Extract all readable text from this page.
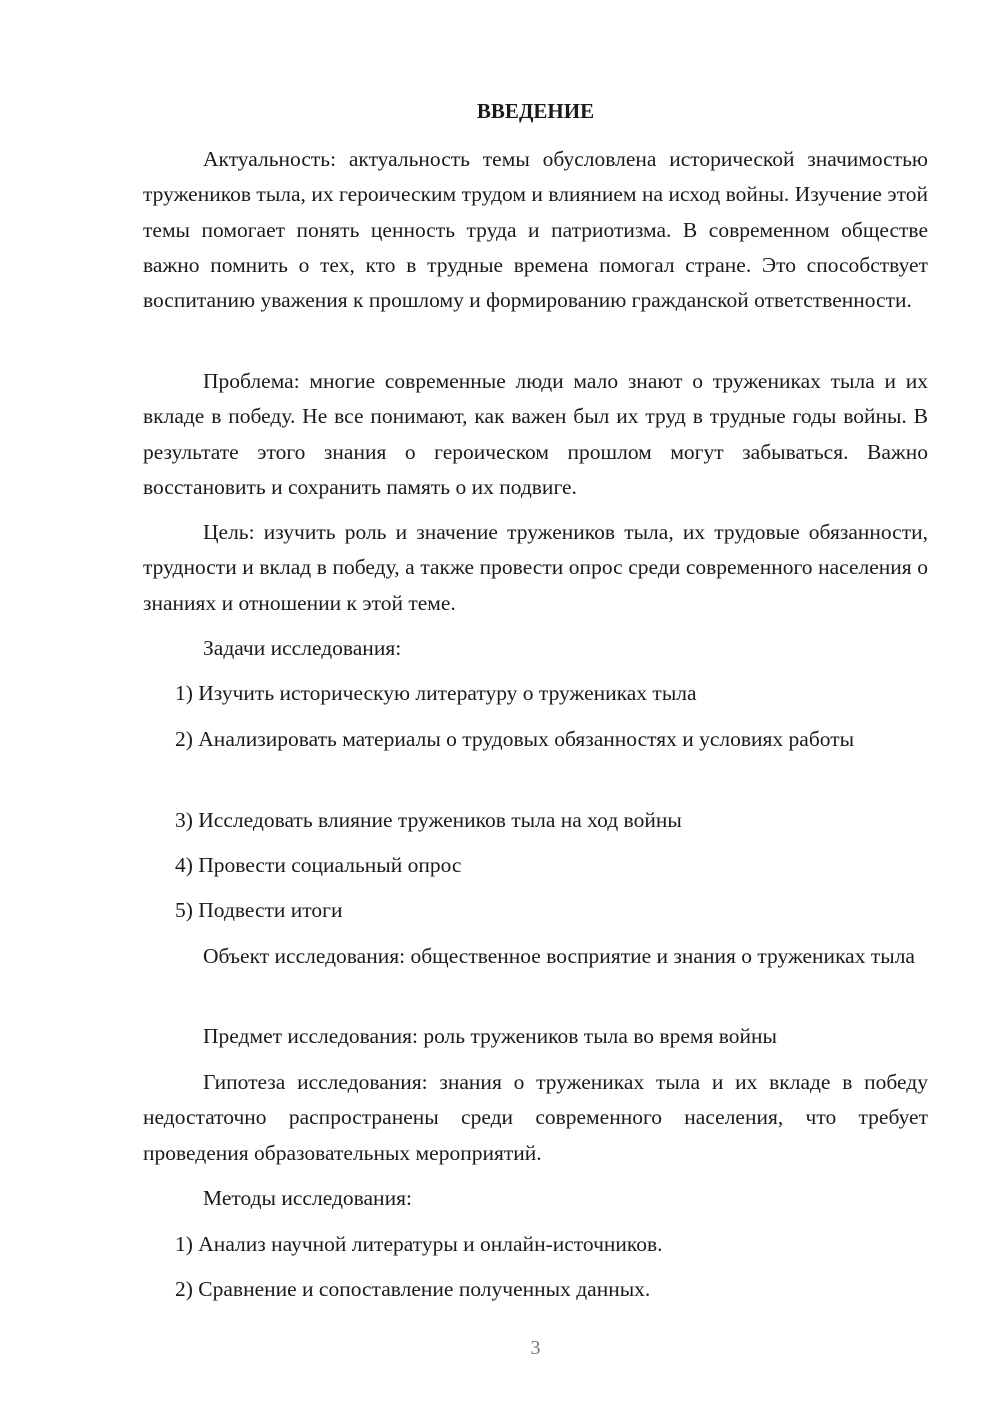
ВВЕДЕНИЕ

Актуальность: актуальность темы обусловлена исторической значимостью тружеников тыла, их героическим трудом и влиянием на исход войны. Изучение этой темы помогает понять ценность труда и патриотизма. В современном обществе важно помнить о тех, кто в трудные времена помогал стране. Это способствует воспитанию уважения к прошлому и формированию гражданской ответственности.

Проблема: многие современные люди мало знают о тружениках тыла и их вкладе в победу. Не все понимают, как важен был их труд в трудные годы войны. В результате этого знания о героическом прошлом могут забываться. Важно восстановить и сохранить память о их подвиге.

Цель: изучить роль и значение тружеников тыла, их трудовые обязанности, трудности и вклад в победу, а также провести опрос среди современного населения о знаниях и отношении к этой теме.

Задачи исследования:

1) Изучить историческую литературу о тружениках тыла

2) Анализировать материалы о трудовых обязанностях и условиях работы

3) Исследовать влияние тружеников тыла на ход войны

4) Провести социальный опрос

5) Подвести итоги

Объект исследования: общественное восприятие и знания о тружениках тыла

Предмет исследования: роль тружеников тыла во время войны

Гипотеза исследования: знания о тружениках тыла и их вкладе в победу недостаточно распространены среди современного населения, что требует проведения образовательных мероприятий.

Методы исследования:

1) Анализ научной литературы и онлайн-источников.

2) Сравнение и сопоставление полученных данных.

3
